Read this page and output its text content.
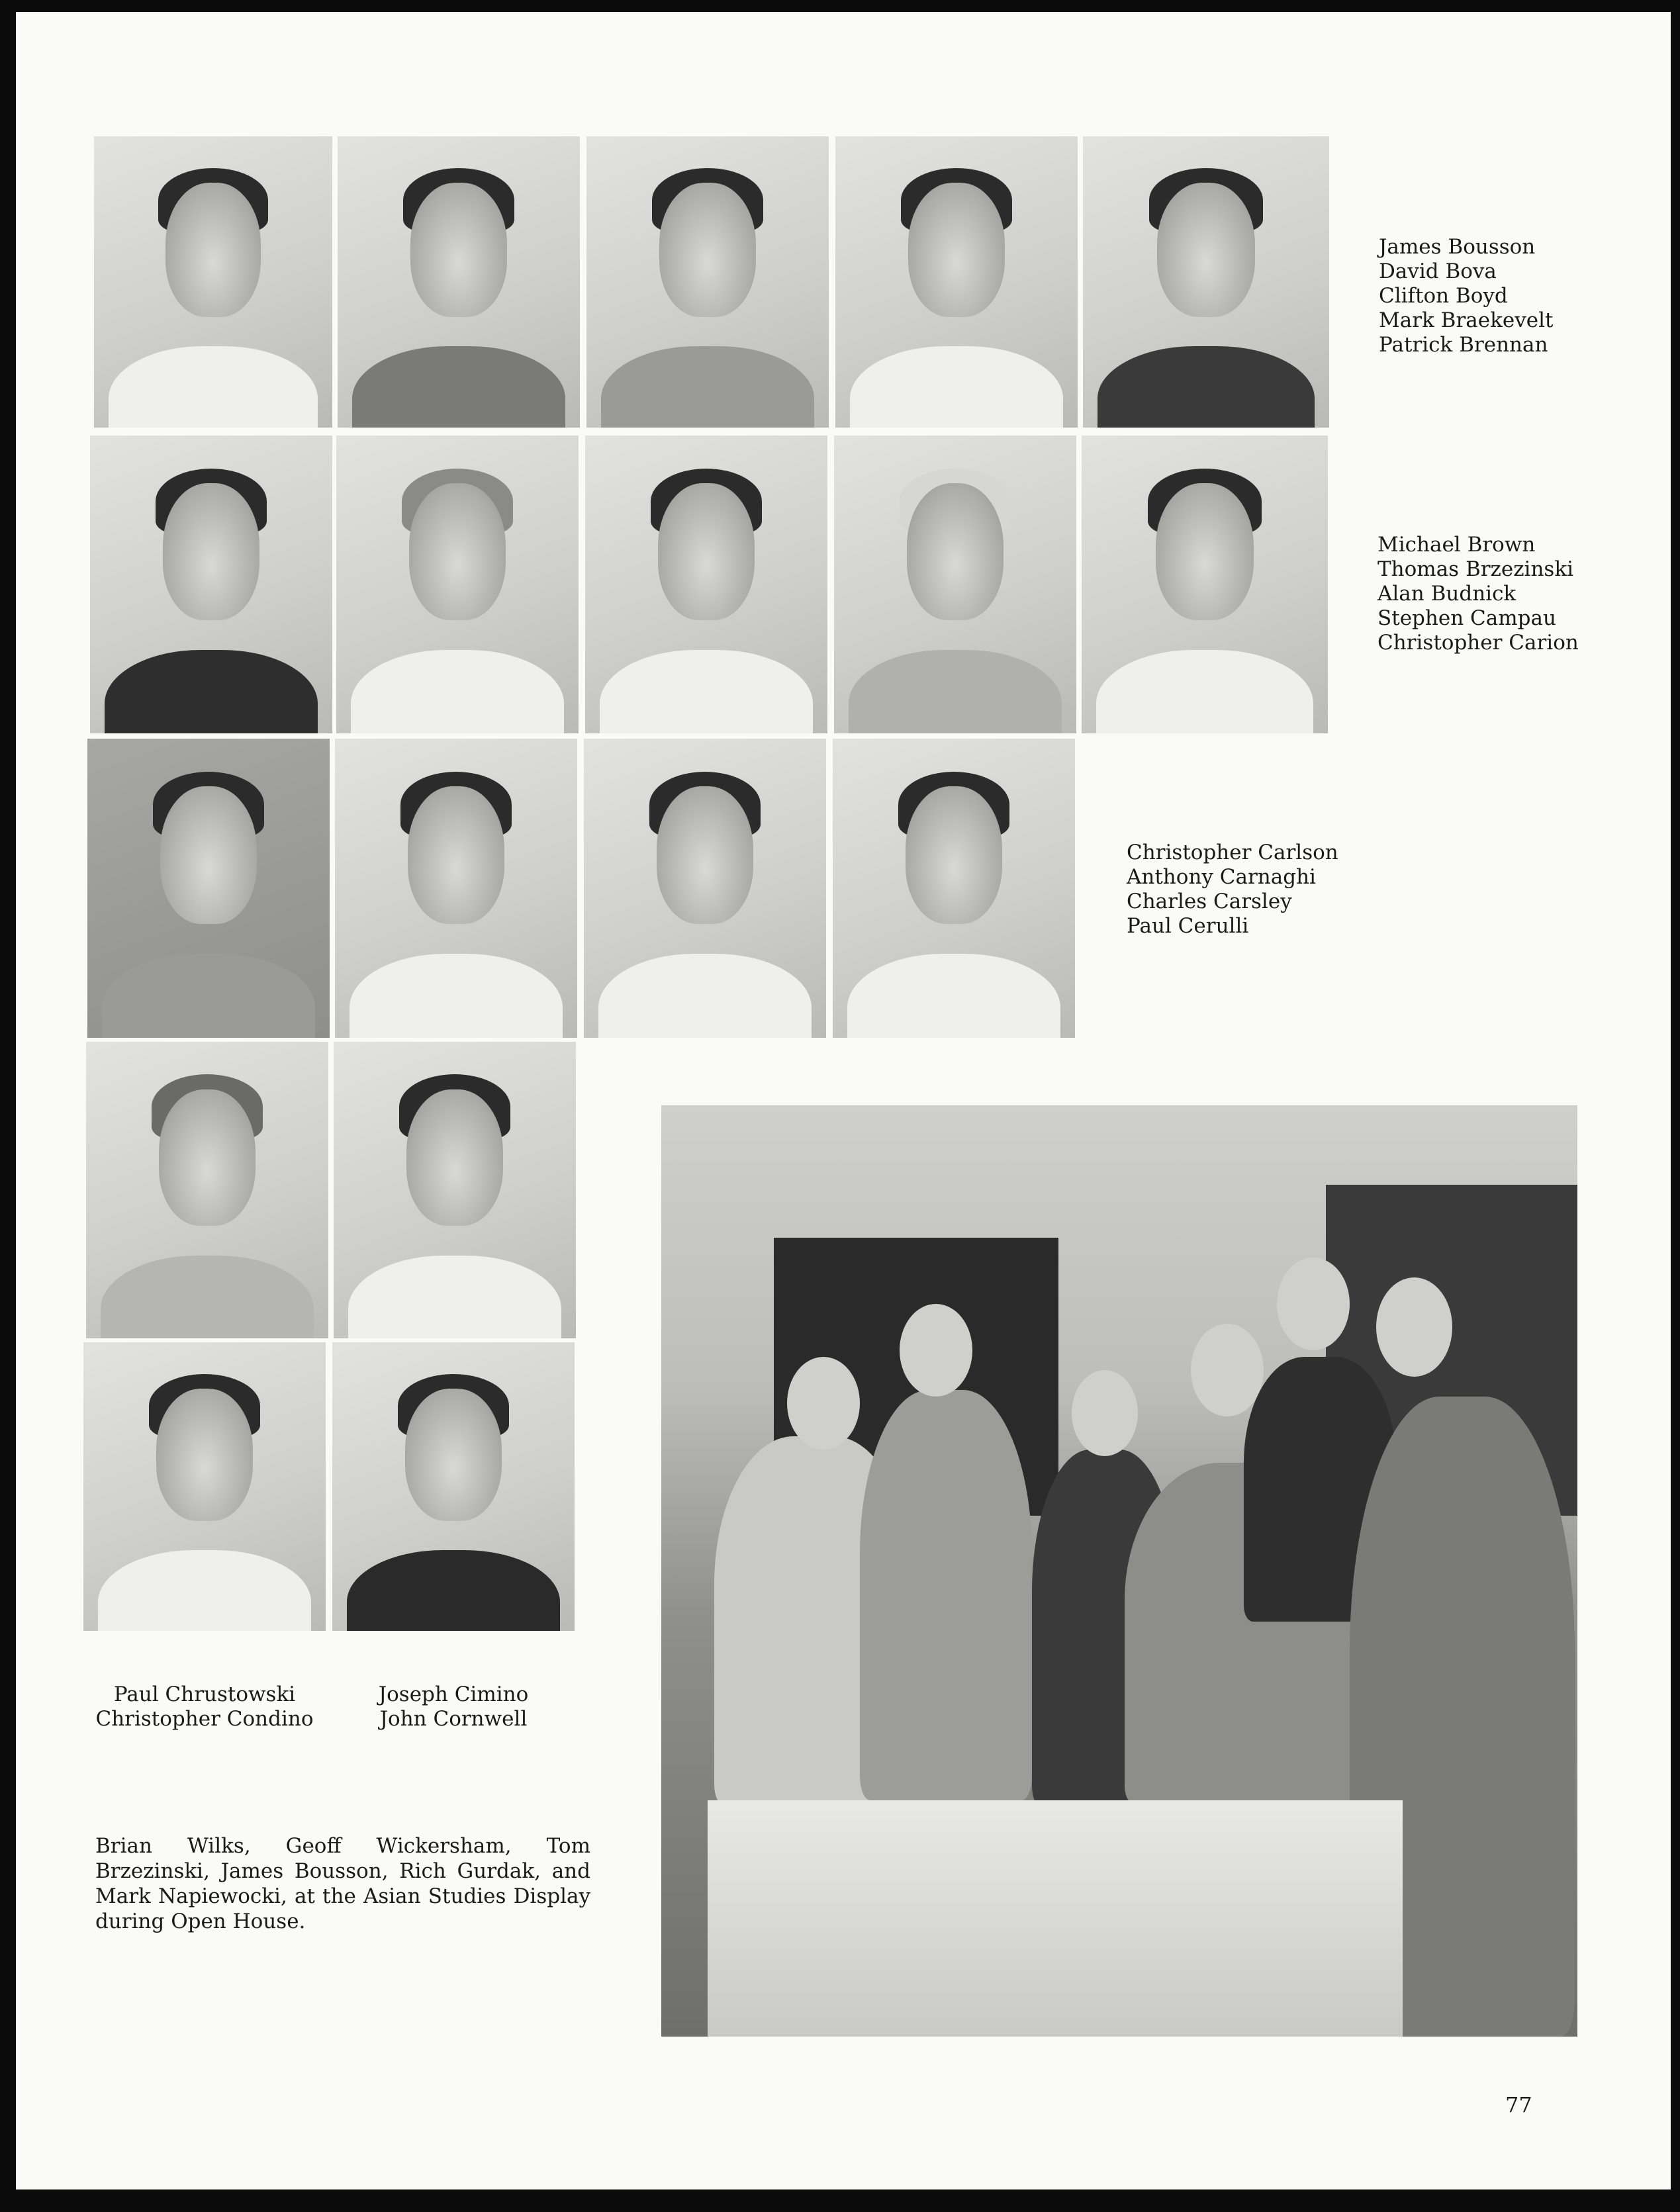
James Bousson
David Bova
Clifton Boyd
Mark Braekevelt
Patrick Brennan
Michael Brown
Thomas Brzezinski
Alan Budnick
Stephen Campau
Christopher Carion
Christopher Carlson
Anthony Carnaghi
Charles Carsley
Paul Cerulli
Paul Chrustowski
Christopher Condino
Joseph Cimino
John Cornwell
Brian Wilks, Geoff Wickersham, Tom Brzezinski, James Bousson, Rich Gurdak, and Mark Napiewocki, at the Asian Studies Display during Open House.
77
